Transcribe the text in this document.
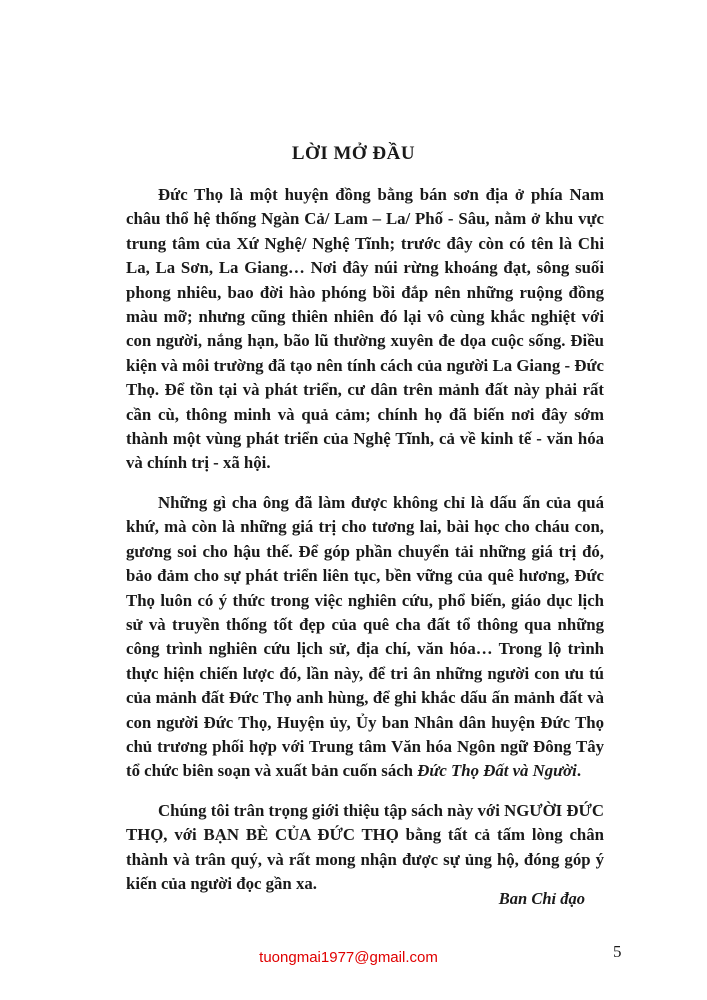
LỜI MỞ ĐẦU

Đức Thọ là một huyện đồng bằng bán sơn địa ở phía Nam châu thổ hệ thống Ngàn Cả/ Lam – La/ Phố - Sâu, nằm ở khu vực trung tâm của Xứ Nghệ/ Nghệ Tĩnh; trước đây còn có tên là Chi La, La Sơn, La Giang… Nơi đây núi rừng khoáng đạt, sông suối phong nhiêu, bao đời hào phóng bồi đắp nên những ruộng đồng màu mỡ; nhưng cũng thiên nhiên đó lại vô cùng khắc nghiệt với con người, nắng hạn, bão lũ thường xuyên đe dọa cuộc sống. Điều kiện và môi trường đã tạo nên tính cách của người La Giang - Đức Thọ. Để tồn tại và phát triển, cư dân trên mảnh đất này phải rất cần cù, thông minh và quả cảm; chính họ đã biến nơi đây sớm thành một vùng phát triển của Nghệ Tĩnh, cả về kinh tế - văn hóa và chính trị - xã hội.

Những gì cha ông đã làm được không chỉ là dấu ấn của quá khứ, mà còn là những giá trị cho tương lai, bài học cho cháu con, gương soi cho hậu thế. Để góp phần chuyển tải những giá trị đó, bảo đảm cho sự phát triển liên tục, bền vững của quê hương, Đức Thọ luôn có ý thức trong việc nghiên cứu, phổ biến, giáo dục lịch sử và truyền thống tốt đẹp của quê cha đất tổ thông qua những công trình nghiên cứu lịch sử, địa chí, văn hóa… Trong lộ trình thực hiện chiến lược đó, lần này, để tri ân những người con ưu tú của mảnh đất Đức Thọ anh hùng, để ghi khắc dấu ấn mảnh đất và con người Đức Thọ, Huyện ủy, Ủy ban Nhân dân huyện Đức Thọ chủ trương phối hợp với Trung tâm Văn hóa Ngôn ngữ Đông Tây tổ chức biên soạn và xuất bản cuốn sách Đức Thọ Đất và Người.

Chúng tôi trân trọng giới thiệu tập sách này với NGƯỜI ĐỨC THỌ, với BẠN BÈ CỦA ĐỨC THỌ bằng tất cả tấm lòng chân thành và trân quý, và rất mong nhận được sự ủng hộ, đóng góp ý kiến của người đọc gần xa.

Ban Chỉ đạo
5
tuongmai1977@gmail.com
